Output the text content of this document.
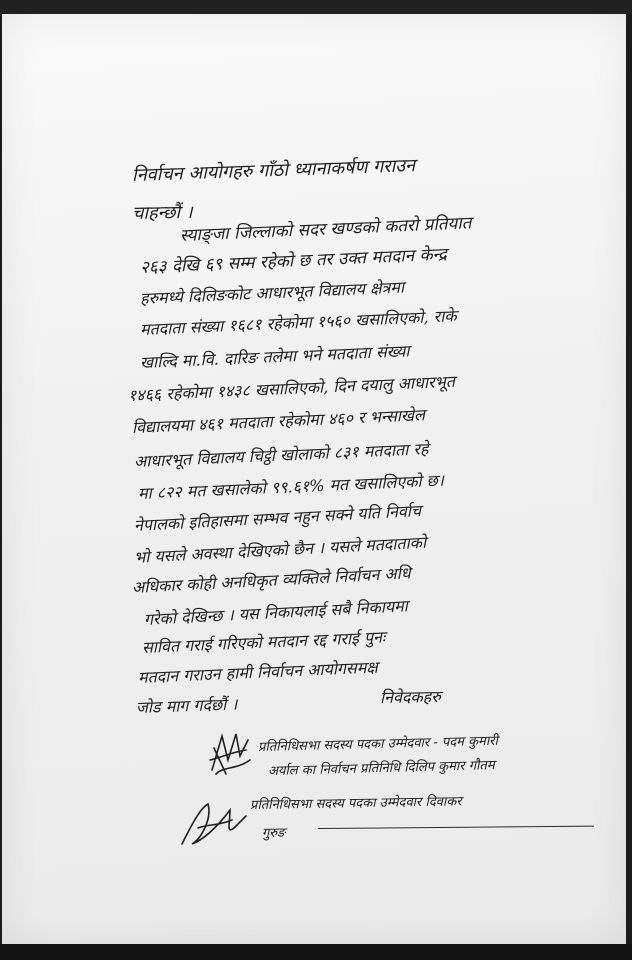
निर्वाचन आयोगहरु गाँठो ध्यानाकर्षण गराउन
चाहन्छौं ।
स्याङ्जा जिल्लाको सदर खण्डको कतरो प्रतियात
२६३ देखि ६९ सम्म रहेको छ तर उक्त मतदान केन्द्र
हरुमध्ये दिलिङकोट आधारभूत विद्यालय क्षेत्रमा
मतदाता संख्या १६८१ रहेकोमा १५६० खसालिएको, राके
खाल्दि मा.वि. दारिङ तलेमा भने मतदाता संख्या
१४६६ रहेकोमा १४३८ खसालिएको, दिन दयालु आधारभूत
विद्यालयमा ४६१ मतदाता रहेकोमा ४६० र भन्साखेल
आधारभूत विद्यालय चिट्ठी खोलाको ८३१ मतदाता रहे
मा ८२२ मत खसालेको ९९.६१% मत खसालिएको छ।
नेपालको इतिहासमा सम्भव नहुन सक्ने यति निर्वाच
भो यसले अवस्था देखिएको छैन । यसले मतदाताको
अधिकार कोही अनधिकृत व्यक्तिले निर्वाचन अधि
गरेको देखिन्छ । यस निकायलाई सबै निकायमा
सावित गराई गरिएको मतदान रद्द गराई पुनः
मतदान गराउन हामी निर्वाचन आयोगसमक्ष
जोड माग गर्दछौं ।	निवेदकहरु
प्रतिनिधिसभा सदस्य पदका उम्मेदवार - पदम कुमारी
अर्याल का निर्वाचन प्रतिनिधि दिलिप कुमार गौतम
प्रतिनिधिसभा सदस्य पदका उम्मेदवार दिवाकर
गुरुङ
